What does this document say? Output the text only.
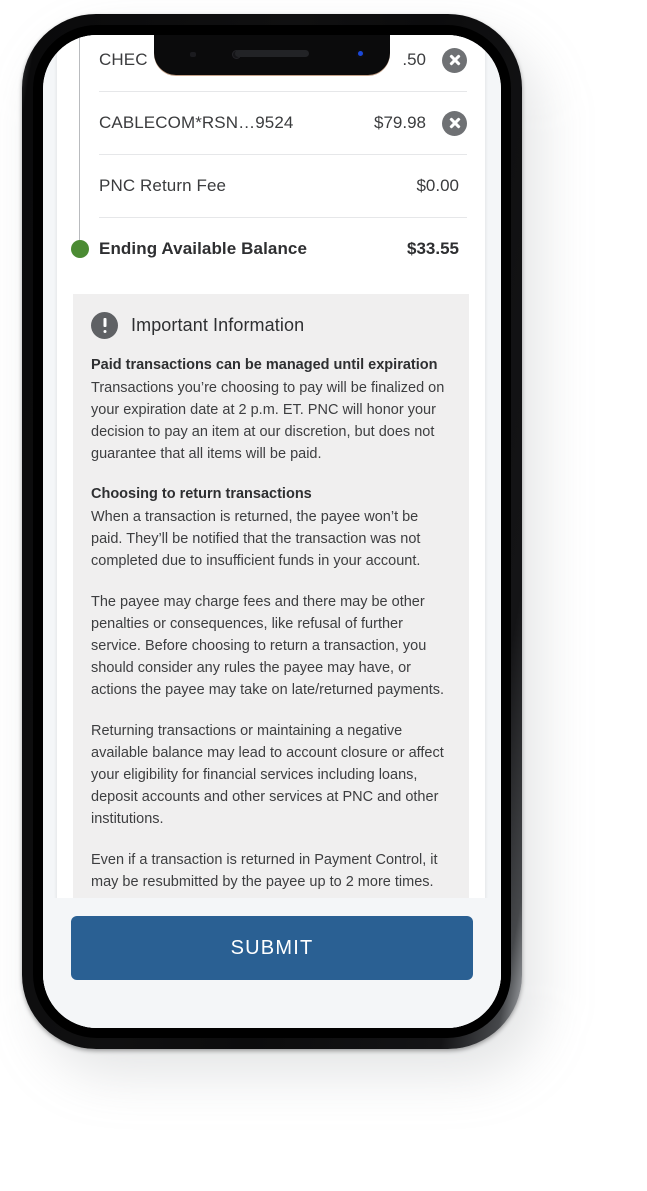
CHEC	.50
CABLECOM*RSN…9524	$79.98
PNC Return Fee	$0.00
Ending Available Balance	$33.55
Important Information
Paid transactions can be managed until expiration
Transactions you’re choosing to pay will be finalized on your expiration date at 2 p.m. ET. PNC will honor your decision to pay an item at our discretion, but does not guarantee that all items will be paid.
Choosing to return transactions
When a transaction is returned, the payee won’t be paid. They’ll be notified that the transaction was not completed due to insufficient funds in your account.
The payee may charge fees and there may be other penalties or consequences, like refusal of further service. Before choosing to return a transaction, you should consider any rules the payee may have, or actions the payee may take on late/returned payments.
Returning transactions or maintaining a negative available balance may lead to account closure or affect your eligibility for financial services including loans, deposit accounts and other services at PNC and other institutions.
Even if a transaction is returned in Payment Control, it may be resubmitted by the payee up to 2 more times.
SUBMIT
